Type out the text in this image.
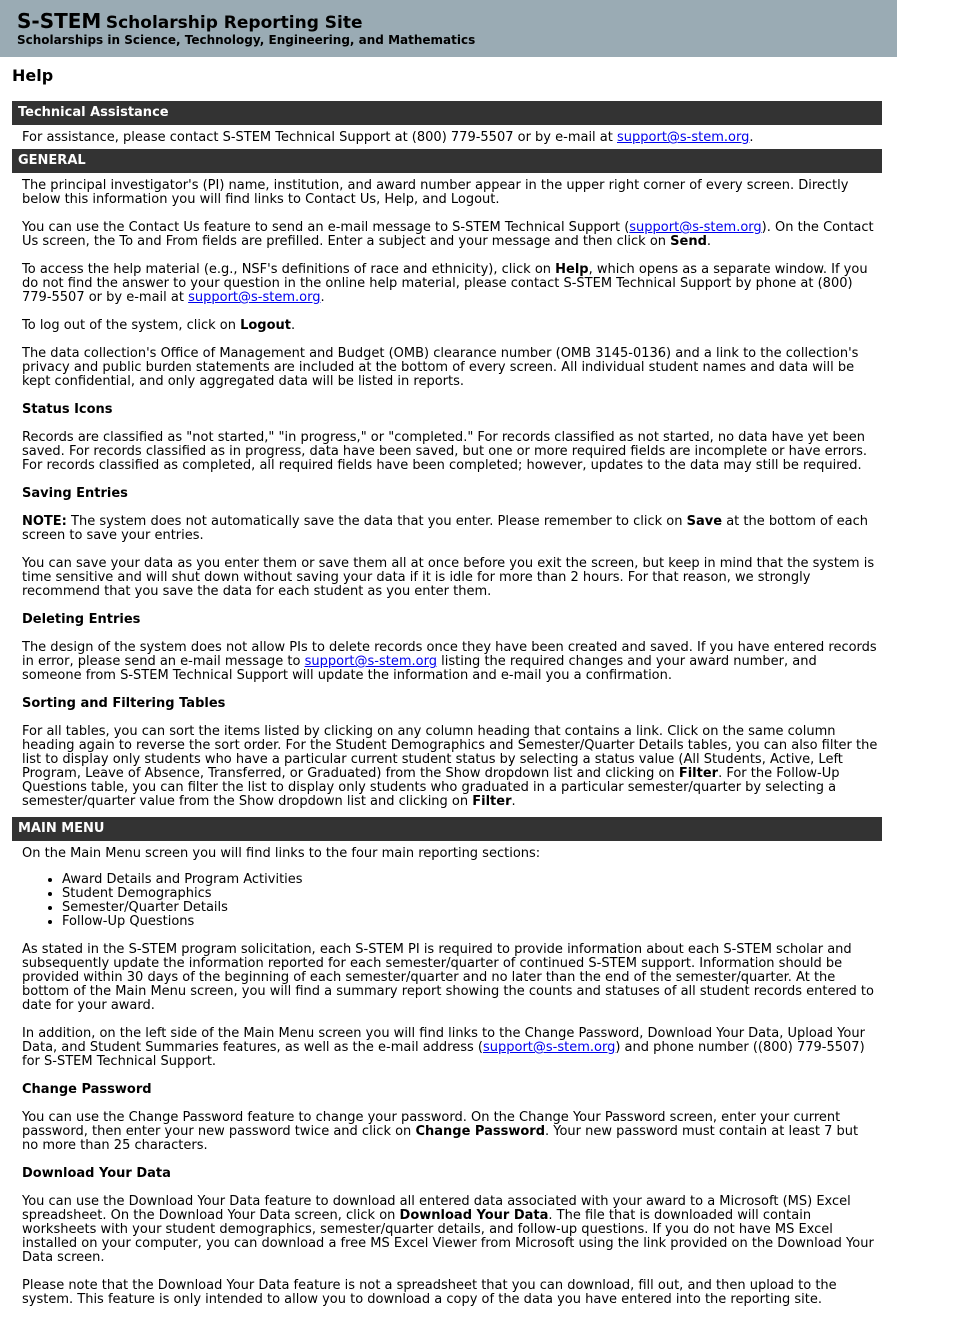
S-STEM Scholarship Reporting Site
Scholarships in Science, Technology, Engineering, and Mathematics
Help
Technical Assistance

For assistance, please contact S-STEM Technical Support at (800) 779-5507 or by e-mail at support@s-stem.org.

GENERAL

The principal investigator's (PI) name, institution, and award number appear in the upper right corner of every screen. Directly below this information you will find links to Contact Us, Help, and Logout.

You can use the Contact Us feature to send an e-mail message to S-STEM Technical Support (support@s-stem.org). On the Contact Us screen, the To and From fields are prefilled. Enter a subject and your message and then click on Send.

To access the help material (e.g., NSF's definitions of race and ethnicity), click on Help, which opens as a separate window. If you do not find the answer to your question in the online help material, please contact S-STEM Technical Support by phone at (800) 779-5507 or by e-mail at support@s-stem.org.

To log out of the system, click on Logout.

The data collection's Office of Management and Budget (OMB) clearance number (OMB 3145-0136) and a link to the collection's privacy and public burden statements are included at the bottom of every screen. All individual student names and data will be kept confidential, and only aggregated data will be listed in reports.

Status Icons

Records are classified as "not started," "in progress," or "completed." For records classified as not started, no data have yet been saved. For records classified as in progress, data have been saved, but one or more required fields are incomplete or have errors. For records classified as completed, all required fields have been completed; however, updates to the data may still be required.

Saving Entries

NOTE: The system does not automatically save the data that you enter. Please remember to click on Save at the bottom of each screen to save your entries.

You can save your data as you enter them or save them all at once before you exit the screen, but keep in mind that the system is time sensitive and will shut down without saving your data if it is idle for more than 2 hours. For that reason, we strongly recommend that you save the data for each student as you enter them.

Deleting Entries

The design of the system does not allow PIs to delete records once they have been created and saved. If you have entered records in error, please send an e-mail message to support@s-stem.org listing the required changes and your award number, and someone from S-STEM Technical Support will update the information and e-mail you a confirmation.

Sorting and Filtering Tables

For all tables, you can sort the items listed by clicking on any column heading that contains a link. Click on the same column heading again to reverse the sort order. For the Student Demographics and Semester/Quarter Details tables, you can also filter the list to display only students who have a particular current student status by selecting a status value (All Students, Active, Left Program, Leave of Absence, Transferred, or Graduated) from the Show dropdown list and clicking on Filter. For the Follow-Up Questions table, you can filter the list to display only students who graduated in a particular semester/quarter by selecting a semester/quarter value from the Show dropdown list and clicking on Filter.

MAIN MENU

On the Main Menu screen you will find links to the four main reporting sections:

• Award Details and Program Activities
• Student Demographics
• Semester/Quarter Details
• Follow-Up Questions

As stated in the S-STEM program solicitation, each S-STEM PI is required to provide information about each S-STEM scholar and subsequently update the information reported for each semester/quarter of continued S-STEM support. Information should be provided within 30 days of the beginning of each semester/quarter and no later than the end of the semester/quarter. At the bottom of the Main Menu screen, you will find a summary report showing the counts and statuses of all student records entered to date for your award.

In addition, on the left side of the Main Menu screen you will find links to the Change Password, Download Your Data, Upload Your Data, and Student Summaries features, as well as the e-mail address (support@s-stem.org) and phone number ((800) 779-5507) for S-STEM Technical Support.

Change Password

You can use the Change Password feature to change your password. On the Change Your Password screen, enter your current password, then enter your new password twice and click on Change Password. Your new password must contain at least 7 but no more than 25 characters.

Download Your Data

You can use the Download Your Data feature to download all entered data associated with your award to a Microsoft (MS) Excel spreadsheet. On the Download Your Data screen, click on Download Your Data. The file that is downloaded will contain worksheets with your student demographics, semester/quarter details, and follow-up questions. If you do not have MS Excel installed on your computer, you can download a free MS Excel Viewer from Microsoft using the link provided on the Download Your Data screen.

Please note that the Download Your Data feature is not a spreadsheet that you can download, fill out, and then upload to the system. This feature is only intended to allow you to download a copy of the data you have entered into the reporting site.
